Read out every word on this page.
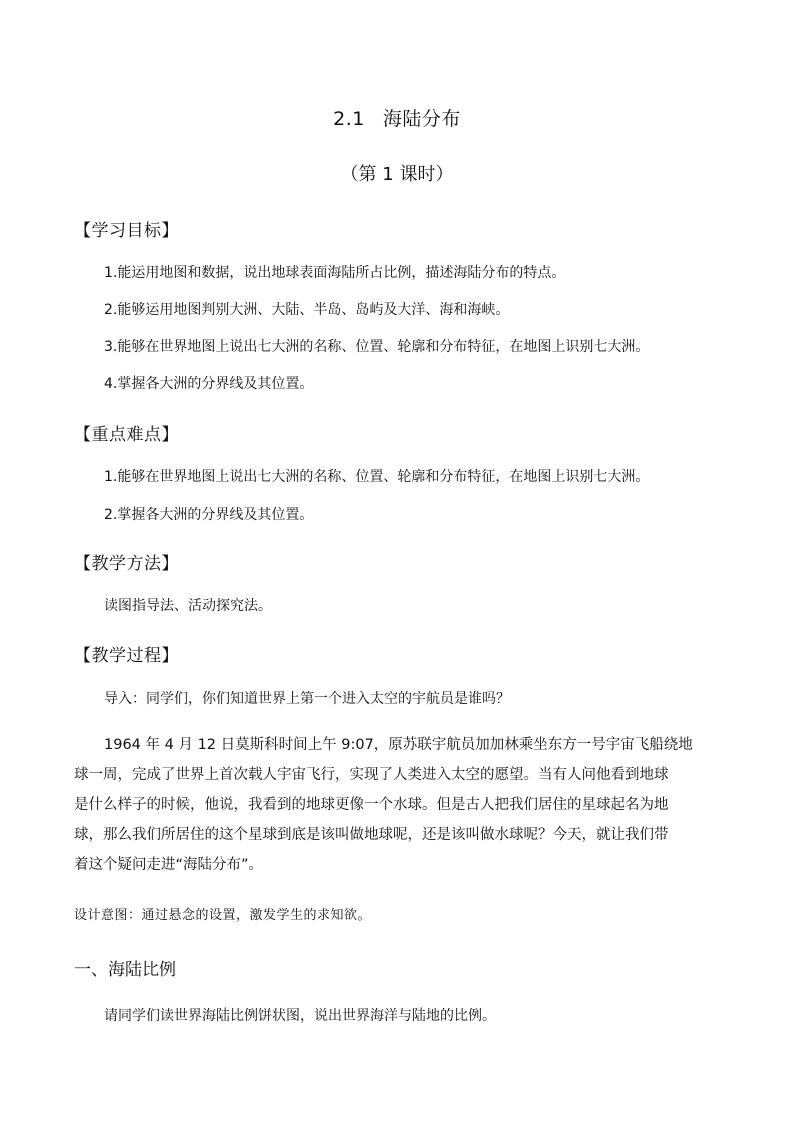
2.1 海陆分布
（第 1 课时）
【学习目标】
1.能运用地图和数据，说出地球表面海陆所占比例，描述海陆分布的特点。
2.能够运用地图判别大洲、大陆、半岛、岛屿及大洋、海和海峡。
3.能够在世界地图上说出七大洲的名称、位置、轮廓和分布特征，在地图上识别七大洲。
4.掌握各大洲的分界线及其位置。
【重点难点】
1.能够在世界地图上说出七大洲的名称、位置、轮廓和分布特征，在地图上识别七大洲。
2.掌握各大洲的分界线及其位置。
【教学方法】
读图指导法、活动探究法。
【教学过程】
导入：同学们，你们知道世界上第一个进入太空的宇航员是谁吗？
1964 年 4 月 12 日莫斯科时间上午 9:07，原苏联宇航员加加林乘坐东方一号宇宙飞船绕地
球一周，完成了世界上首次载人宇宙飞行，实现了人类进入太空的愿望。当有人问他看到地球
是什么样子的时候，他说，我看到的地球更像一个水球。但是古人把我们居住的星球起名为地
球，那么我们所居住的这个星球到底是该叫做地球呢，还是该叫做水球呢？今天，就让我们带
着这个疑问走进“海陆分布”。
设计意图：通过悬念的设置，激发学生的求知欲。
一、海陆比例
请同学们读世界海陆比例饼状图，说出世界海洋与陆地的比例。
